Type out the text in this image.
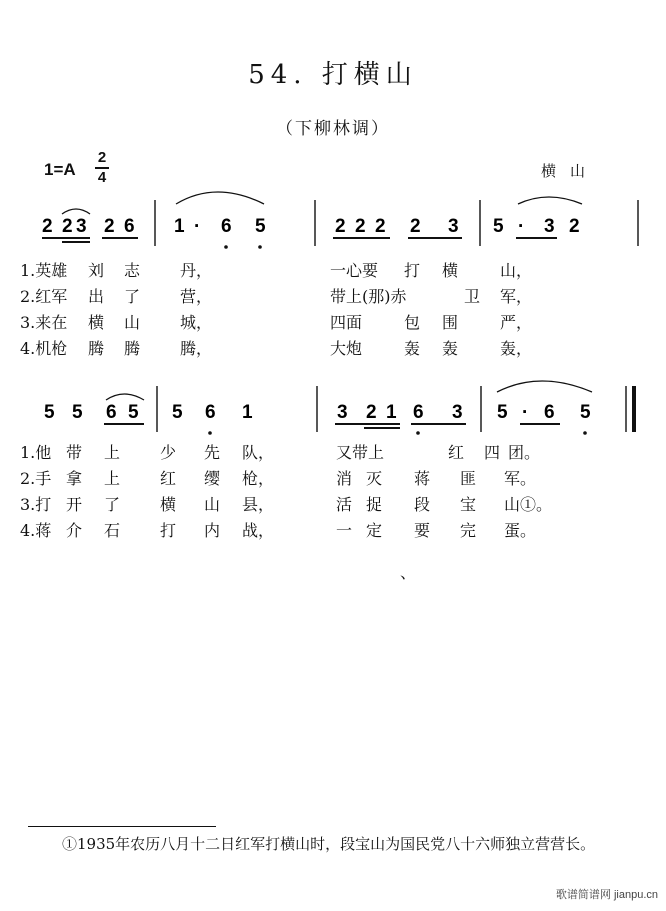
54. 打横山
（下柳林调）
1=A
2
4	横山
2 2 3 2 6 1 · 6 5	2 2 2 2 3 5 · 3 2
5 5 6 5 5 6 1	3 2 1 6 3 5 · 6 5
1.英雄 刘 志 丹，	一心要 打 横	山，
2.红军 出 了 营，	带上(那)赤	卫 军，
3.来在 横 山 城，	四面	包 围	严，
4.机枪 腾 腾 腾，	大炮	轰 轰	轰，
1.他 带 上 少 先 队，	又带上	红 四 团。
2.手 拿 上 红 缨 枪，	消 灭 蒋 匪 军。
3.打 开 了 横 山 县，	活 捉 段 宝 山①。
4.蒋 介 石 打 内 战，	一 定 要 完 蛋。
、
①1935年农历八月十二日红军打横山时，段宝山为国民党八十六师独立营营长。
歌谱简谱网 jianpu.cn
